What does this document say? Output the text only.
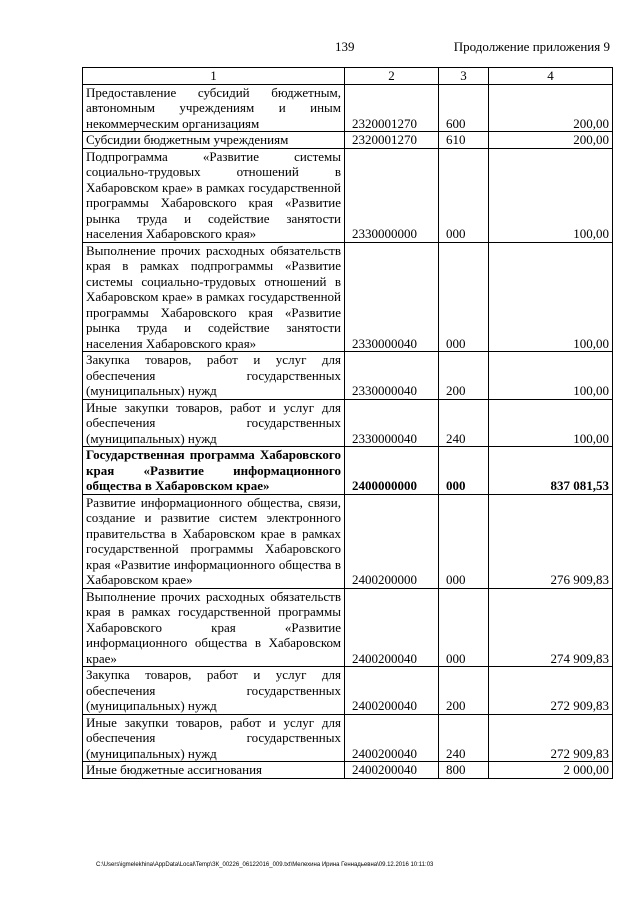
139	Продолжение приложения 9
1	2	3	4
Предоставление субсидий бюджетным, автономным учреждениям и иным некоммерческим организациям	2320001270	600	200,00
Субсидии бюджетным учреждениям	2320001270	610	200,00
Подпрограмма «Развитие системы социально-трудовых отношений в Хабаровском крае» в рамках государственной программы Хабаровского края «Развитие рынка труда и содействие занятости населения Хабаровского края»	2330000000	000	100,00
Выполнение прочих расходных обязательств края в рамках подпрограммы «Развитие системы социально-трудовых отношений в Хабаровском крае» в рамках государственной программы Хабаровского края «Развитие рынка труда и содействие занятости населения Хабаровского края»	2330000040	000	100,00
Закупка товаров, работ и услуг для обеспечения государственных (муниципальных) нужд	2330000040	200	100,00
Иные закупки товаров, работ и услуг для обеспечения государственных (муниципальных) нужд	2330000040	240	100,00
Государственная программа Хабаровского края «Развитие информационного общества в Хабаровском крае»	2400000000	000	837 081,53
Развитие информационного общества, связи, создание и развитие систем электронного правительства в Хабаровском крае в рамках государственной программы Хабаровского края «Развитие информационного общества в Хабаровском крае»	2400200000	000	276 909,83
Выполнение прочих расходных обязательств края в рамках государственной программы Хабаровского края «Развитие информационного общества в Хабаровском крае»	2400200040	000	274 909,83
Закупка товаров, работ и услуг для обеспечения государственных (муниципальных) нужд	2400200040	200	272 909,83
Иные закупки товаров, работ и услуг для обеспечения государственных (муниципальных) нужд	2400200040	240	272 909,83
Иные бюджетные ассигнования	2400200040	800	2 000,00
C:\Users\igmelekhina\AppData\Local\Temp\ЗК_00226_06122016_009.txt\Мелехина Ирина Геннадьевна\09.12.2016 10:11:03
